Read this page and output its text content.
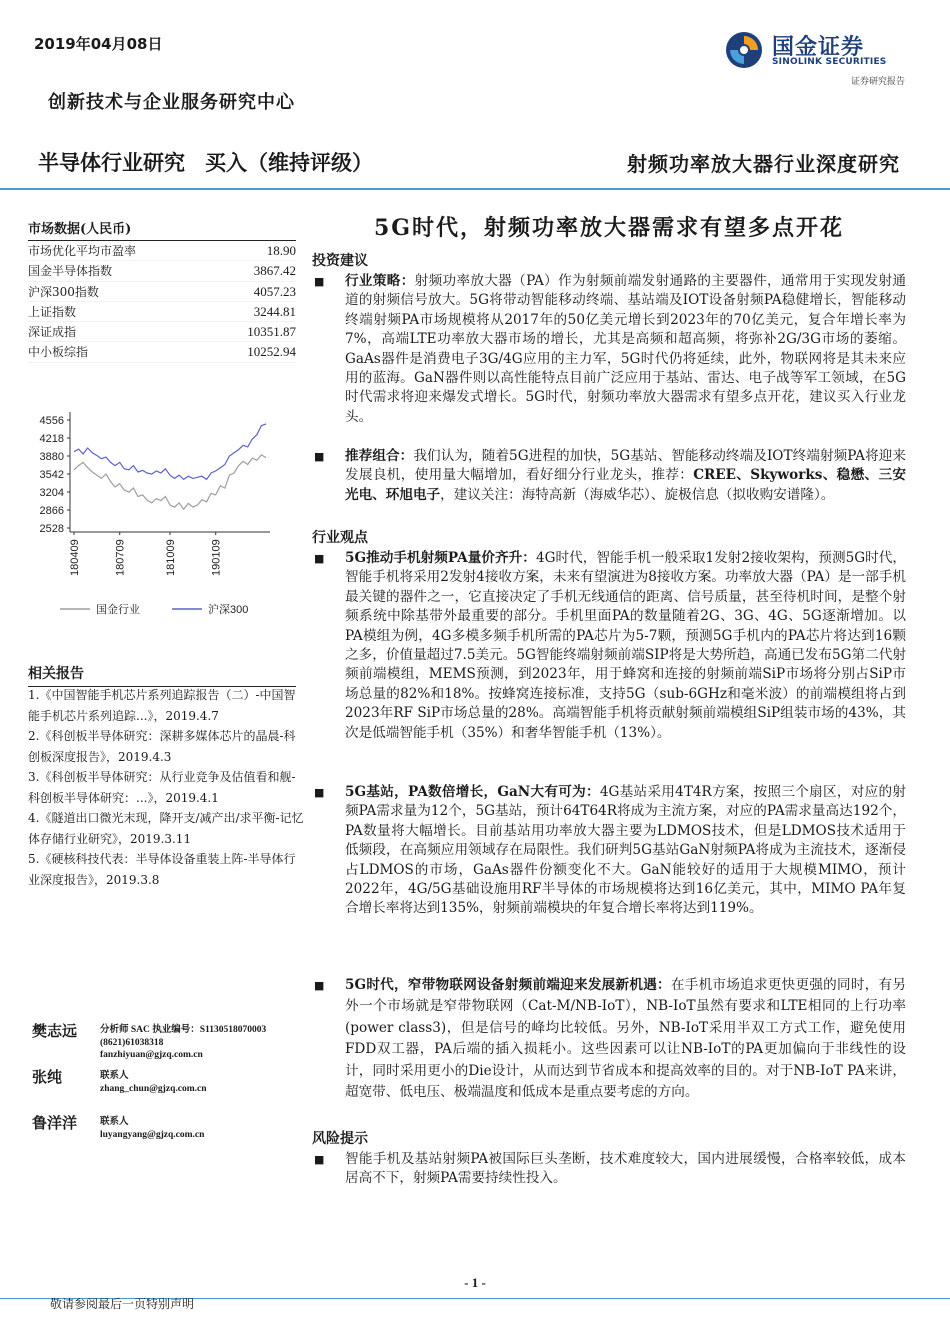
2019年04月08日	国金证券
SINOLINK SECURITIES
证券研究报告
创新技术与企业服务研究中心
半导体行业研究 买入（维持评级）	射频功率放大器行业深度研究
市场数据(人民币)
市场优化平均市盈率	18.90
国金半导体指数	3867.42
沪深300指数	4057.23
上证指数	3244.81
深证成指	10351.87
中小板综指	10252.94
4556
4218
3880
3542
3204
2866
2528
180409	180709	181009	190109
国金行业	沪深300
相关报告
1.《中国智能手机芯片系列追踪报告（二）-中国智能手机芯片系列追踪...》，2019.4.7
2.《科创板半导体研究：深耕多媒体芯片的晶晨-科创板深度报告》，2019.4.3
3.《科创板半导体研究：从行业竞争及估值看和舰-科创板半导体研究：...》，2019.4.1
4.《隧道出口微光末现，降开支/减产出/求平衡-记忆体存储行业研究》，2019.3.11
5.《硬核科技代表：半导体设备重装上阵-半导体行业深度报告》，2019.3.8
樊志远 分析师 SAC 执业编号：S1130518070003
(8621)61038318
fanzhiyuan@gjzq.com.cn
张纯	联系人
zhang_chun@gjzq.com.cn
鲁洋洋 联系人
luyangyang@gjzq.com.cn
5G时代，射频功率放大器需求有望多点开花
投资建议
■ 行业策略：射频功率放大器（PA）作为射频前端发射通路的主要器件，通常用于实现发射通道的射频信号放大。5G将带动智能移动终端、基站端及IOT设备射频PA稳健增长，智能移动终端射频PA市场规模将从2017年的50亿美元增长到2023年的70亿美元，复合年增长率为7%，高端LTE功率放大器市场的增长，尤其是高频和超高频，将弥补2G/3G市场的萎缩。GaAs器件是消费电子3G/4G应用的主力军，5G时代仍将延续，此外，物联网将是其未来应用的蓝海。GaN器件则以高性能特点目前广泛应用于基站、雷达、电子战等军工领域，在5G时代需求将迎来爆发式增长。5G时代，射频功率放大器需求有望多点开花，建议买入行业龙头。
■ 推荐组合：我们认为，随着5G进程的加快，5G基站、智能移动终端及IOT终端射频PA将迎来发展良机，使用量大幅增加，看好细分行业龙头，推荐：CREE、Skyworks、稳懋、三安光电、环旭电子，建议关注：海特高新（海威华芯）、旋极信息（拟收购安谱隆）。
行业观点
■ 5G推动手机射频PA量价齐升：4G时代，智能手机一般采取1发射2接收架构，预测5G时代，智能手机将采用2发射4接收方案，未来有望演进为8接收方案。功率放大器（PA）是一部手机最关键的器件之一，它直接决定了手机无线通信的距离、信号质量，甚至待机时间，是整个射频系统中除基带外最重要的部分。手机里面PA的数量随着2G、3G、4G、5G逐渐增加。以PA模组为例，4G多模多频手机所需的PA芯片为5-7颗，预测5G手机内的PA芯片将达到16颗之多，价值量超过7.5美元。5G智能终端射频前端SIP将是大势所趋，高通已发布5G第二代射频前端模组，MEMS预测，到2023年，用于蜂窝和连接的射频前端SiP市场将分别占SiP市场总量的82%和18%。按蜂窝连接标准，支持5G（sub-6GHz和毫米波）的前端模组将占到2023年RF SiP市场总量的28%。高端智能手机将贡献射频前端模组SiP组装市场的43%，其次是低端智能手机（35%）和奢华智能手机（13%）。
■ 5G基站，PA数倍增长，GaN大有可为：4G基站采用4T4R方案，按照三个扇区，对应的射频PA需求量为12个，5G基站，预计64T64R将成为主流方案，对应的PA需求量高达192个，PA数量将大幅增长。目前基站用功率放大器主要为LDMOS技术，但是LDMOS技术适用于低频段，在高频应用领域存在局限性。我们研判5G基站GaN射频PA将成为主流技术，逐渐侵占LDMOS的市场，GaAs器件份额变化不大。GaN能较好的适用于大规模MIMO，预计2022年，4G/5G基础设施用RF半导体的市场规模将达到16亿美元，其中，MIMO PA年复合增长率将达到135%，射频前端模块的年复合增长率将达到119%。
■ 5G时代，窄带物联网设备射频前端迎来发展新机遇：在手机市场追求更快更强的同时，有另外一个市场就是窄带物联网（Cat-M/NB-IoT），NB-IoT虽然有要求和LTE相同的上行功率(power class3)，但是信号的峰均比较低。另外，NB-IoT采用半双工方式工作，避免使用FDD双工器，PA后端的插入损耗小。这些因素可以让NB-IoT的PA更加偏向于非线性的设计，同时采用更小的Die设计，从而达到节省成本和提高效率的目的。对于NB-IoT PA来讲，超宽带、低电压、极端温度和低成本是重点要考虑的方向。
风险提示
■ 智能手机及基站射频PA被国际巨头垄断，技术难度较大，国内进展缓慢，合格率较低，成本居高不下，射频PA需要持续性投入。
- 1 -
敬请参阅最后一页特别声明
